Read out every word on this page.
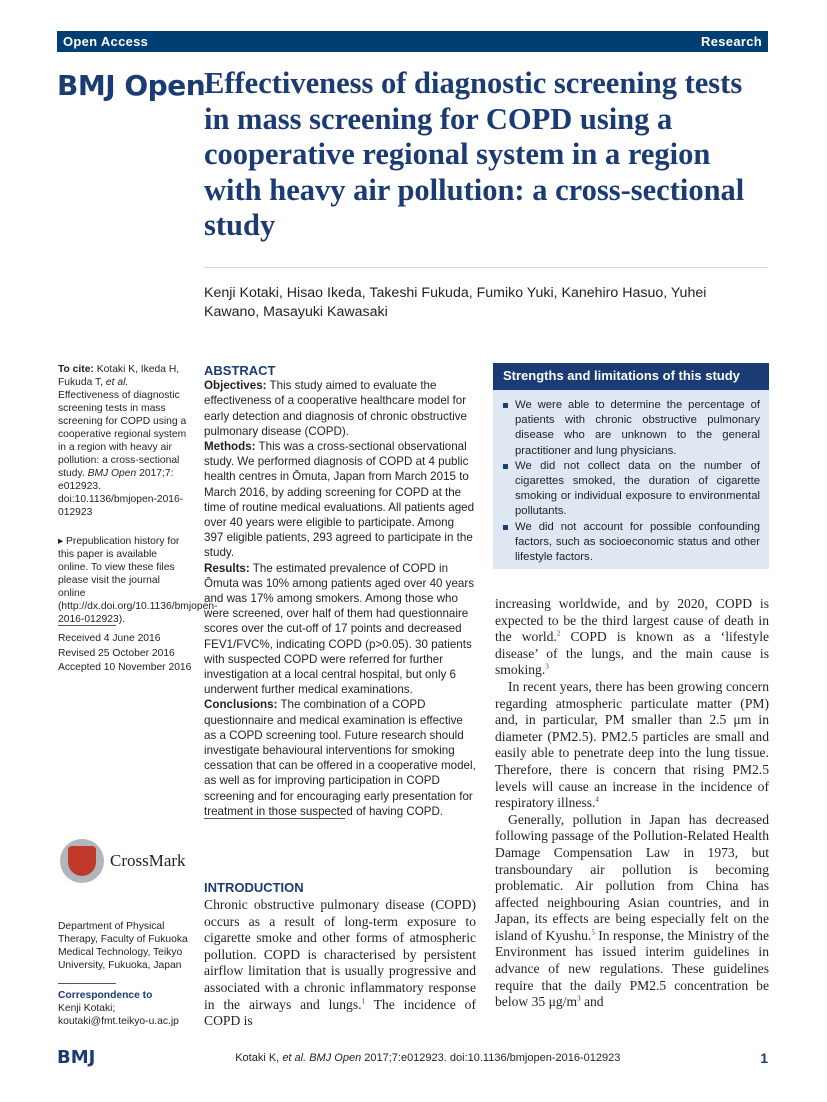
Open Access	Research
BMJ Open
Effectiveness of diagnostic screening tests in mass screening for COPD using a cooperative regional system in a region with heavy air pollution: a cross-sectional study
Kenji Kotaki, Hisao Ikeda, Takeshi Fukuda, Fumiko Yuki, Kanehiro Hasuo, Yuhei Kawano, Masayuki Kawasaki
To cite: Kotaki K, Ikeda H, Fukuda T, et al. Effectiveness of diagnostic screening tests in mass screening for COPD using a cooperative regional system in a region with heavy air pollution: a cross-sectional study. BMJ Open 2017;7: e012923. doi:10.1136/bmjopen-2016-012923
▸ Prepublication history for this paper is available online. To view these files please visit the journal online (http://dx.doi.org/10.1136/bmjopen-2016-012923).
Received 4 June 2016
Revised 25 October 2016
Accepted 10 November 2016
CrossMark
Department of Physical Therapy, Faculty of Fukuoka Medical Technology, Teikyo University, Fukuoka, Japan
Correspondence to
Kenji Kotaki;
koutaki@fmt.teikyo-u.ac.jp
ABSTRACT
Objectives: This study aimed to evaluate the effectiveness of a cooperative healthcare model for early detection and diagnosis of chronic obstructive pulmonary disease (COPD).
Methods: This was a cross-sectional observational study. We performed diagnosis of COPD at 4 public health centres in Ōmuta, Japan from March 2015 to March 2016, by adding screening for COPD at the time of routine medical evaluations. All patients aged over 40 years were eligible to participate. Among 397 eligible patients, 293 agreed to participate in the study.
Results: The estimated prevalence of COPD in Ōmuta was 10% among patients aged over 40 years and was 17% among smokers. Among those who were screened, over half of them had questionnaire scores over the cut-off of 17 points and decreased FEV1/FVC%, indicating COPD (p>0.05). 30 patients with suspected COPD were referred for further investigation at a local central hospital, but only 6 underwent further medical examinations.
Conclusions: The combination of a COPD questionnaire and medical examination is effective as a COPD screening tool. Future research should investigate behavioural interventions for smoking cessation that can be offered in a cooperative model, as well as for improving participation in COPD screening and for encouraging early presentation for treatment in those suspected of having COPD.
Strengths and limitations of this study
We were able to determine the percentage of patients with chronic obstructive pulmonary disease who are unknown to the general practitioner and lung physicians.
We did not collect data on the number of cigarettes smoked, the duration of cigarette smoking or individual exposure to environmental pollutants.
We did not account for possible confounding factors, such as socioeconomic status and other lifestyle factors.
INTRODUCTION
Chronic obstructive pulmonary disease (COPD) occurs as a result of long-term exposure to cigarette smoke and other forms of atmospheric pollution. COPD is characterised by persistent airflow limitation that is usually progressive and associated with a chronic inflammatory response in the airways and lungs.$^1$ The incidence of COPD is
increasing worldwide, and by 2020, COPD is expected to be the third largest cause of death in the world.$^2$ COPD is known as a ‘lifestyle disease’ of the lungs, and the main cause is smoking.$^3$
In recent years, there has been growing concern regarding atmospheric particulate matter (PM) and, in particular, PM smaller than 2.5 μm in diameter (PM2.5). PM2.5 particles are small and easily able to penetrate deep into the lung tissue. Therefore, there is concern that rising PM2.5 levels will cause an increase in the incidence of respiratory illness.$^4$
Generally, pollution in Japan has decreased following passage of the Pollution-Related Health Damage Compensation Law in 1973, but transboundary air pollution is becoming problematic. Air pollution from China has affected neighbouring Asian countries, and in Japan, its effects are being especially felt on the island of Kyushu.$^5$ In response, the Ministry of the Environment has issued interim guidelines in advance of new regulations. These guidelines require that the daily PM2.5 concentration be below 35 $\mu g/m^3$ and
BMJ	Kotaki K, et al. BMJ Open 2017;7:e012923. doi:10.1136/bmjopen-2016-012923	1
